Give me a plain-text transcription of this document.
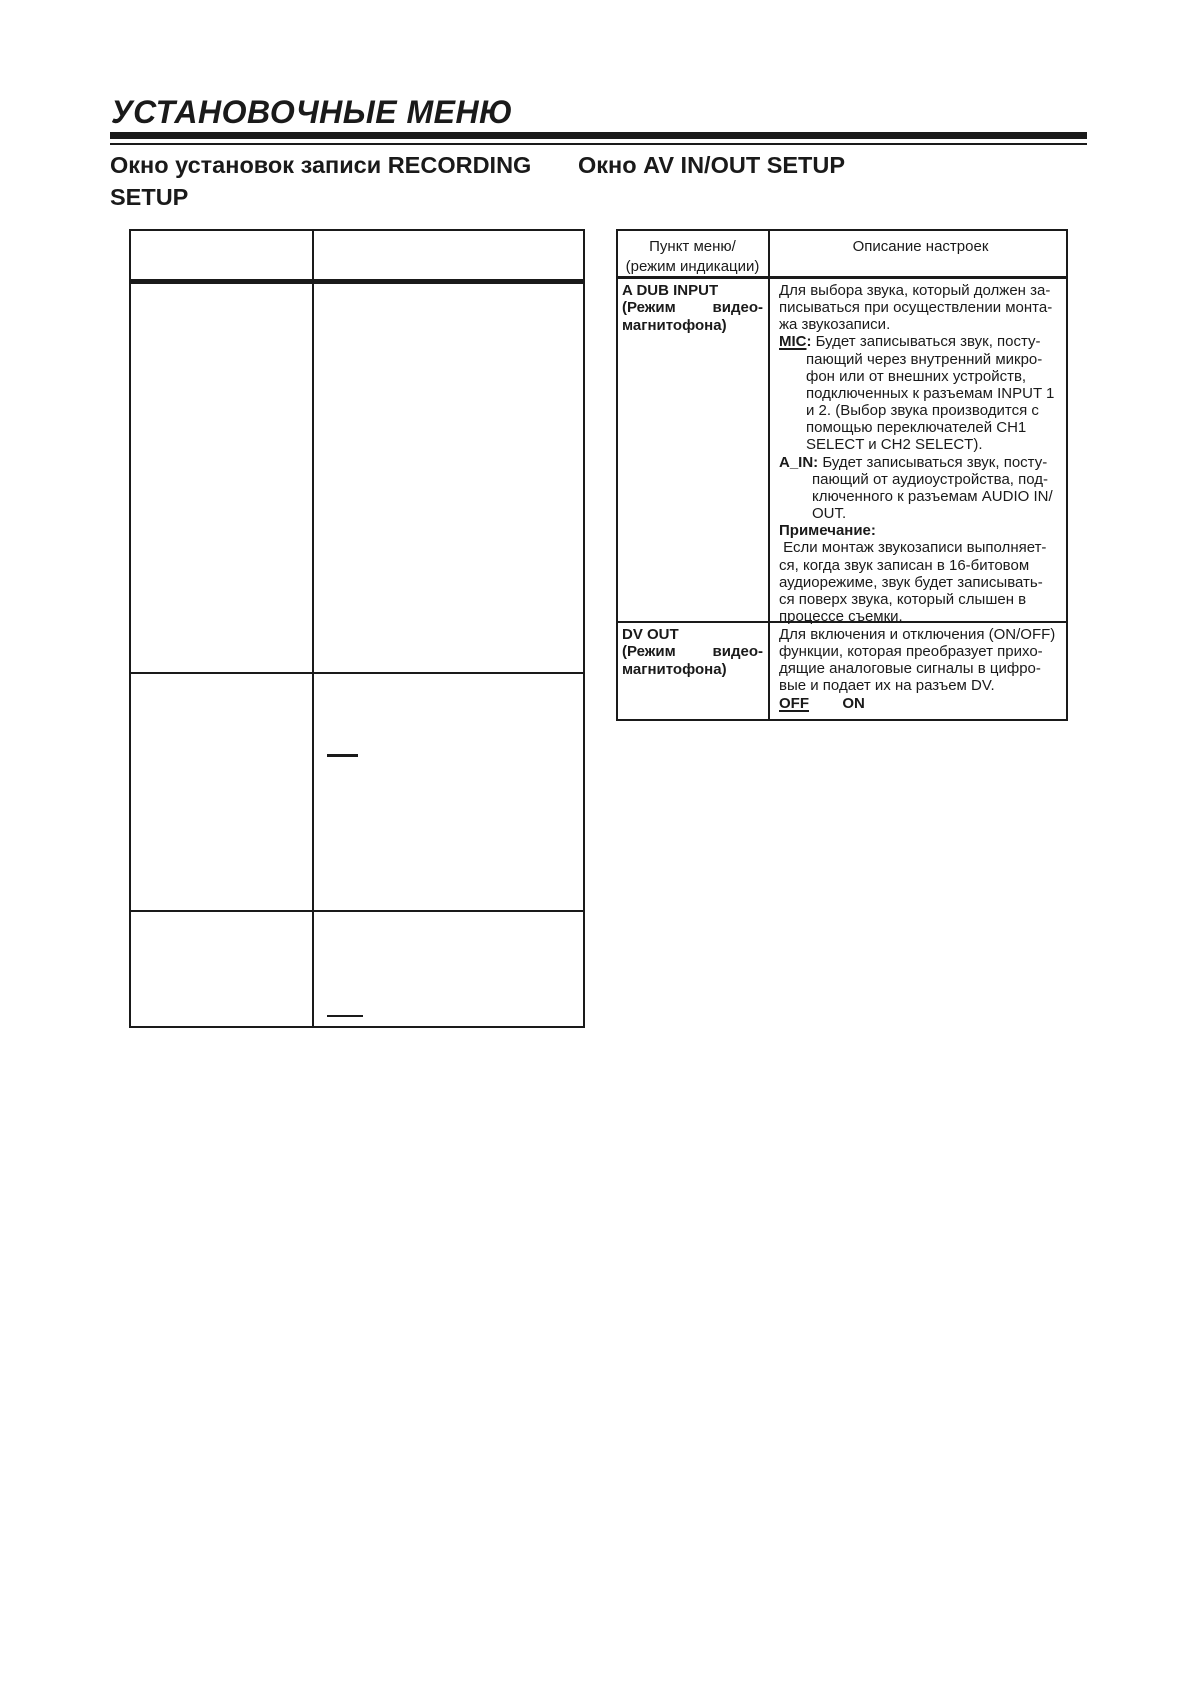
УСТАНОВОЧНЫЕ МЕНЮ
Окно установок записи RECORDING SETUP
Окно AV IN/OUT SETUP
Пункт меню/
(режим индикации)
Описание настроек
A DUB INPUT
(Режим видео-
магнитофона)
Для выбора звука, который должен за-
писываться при осуществлении монта-
жа звукозаписи.
MIC: Будет записываться звук, посту-
пающий через внутренний микро-
фон или от внешних устройств,
подключенных к разъемам INPUT 1
и 2. (Выбор звука производится с
помощью переключателей CH1
SELECT и CH2 SELECT).
A_IN: Будет записываться звук, посту-
пающий от аудиоустройства, под-
ключенного к разъемам AUDIO IN/
OUT.
Примечание:
Если монтаж звукозаписи выполняет-
ся, когда звук записан в 16-битовом
аудиорежиме, звук будет записывать-
ся поверх звука, который слышен в
процессе съемки.
DV OUT
(Режим видео-
магнитофона)
Для включения и отключения (ON/OFF)
функции, которая преобразует прихо-
дящие аналоговые сигналы в цифро-
вые и подает их на разъем DV.
OFF ON
